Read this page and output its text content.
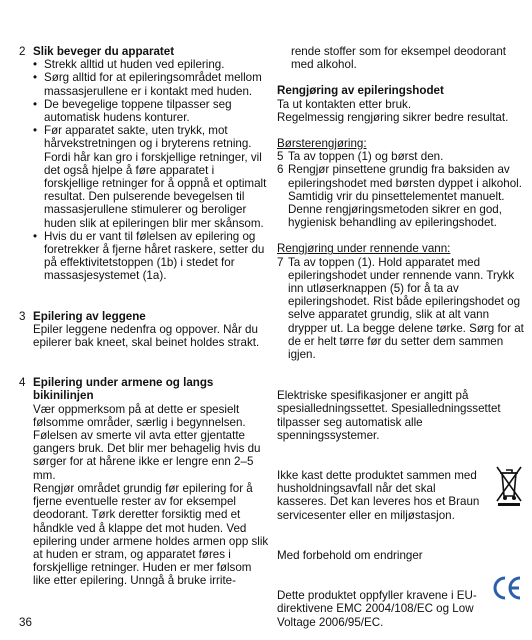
2 Slik beveger du apparatet
• Strekk alltid ut huden ved epilering.
• Sørg alltid for at epileringsområdet mellom massasjerullene er i kontakt med huden.
• De bevegelige toppene tilpasser seg automatisk hudens konturer.
• Før apparatet sakte, uten trykk, mot hårvekstretningen og i bryterens retning. Fordi hår kan gro i forskjellige retninger, vil det også hjelpe å føre apparatet i forskjellige retninger for å oppnå et optimalt resultat. Den pulserende bevegelsen til massasjerullene stimulerer og beroliger huden slik at epileringen blir mer skånsom.
• Hvis du er vant til følelsen av epilering og foretrekker å fjerne håret raskere, setter du på effektivitetstoppen (1b) i stedet for massasjesystemet (1a).
3 Epilering av leggene

Epiler leggene nedenfra og oppover. Når du epilerer bak kneet, skal beinet holdes strakt.

4 Epilering under armene og langs bikinilinjen

Vær oppmerksom på at dette er spesielt følsomme områder, særlig i begynnelsen. Følelsen av smerte vil avta etter gjentatte gangers bruk. Det blir mer behagelig hvis du sørger for at hårene ikke er lengre enn 2–5 mm.

Rengjør området grundig før epilering for å fjerne eventuelle rester av for eksempel deodorant. Tørk deretter forsiktig med et håndkle ved å klappe det mot huden. Ved epilering under armene holdes armen opp slik at huden er stram, og apparatet føres i forskjellige retninger. Huden er mer følsom like etter epilering. Unngå å bruke irrite-

rende stoffer som for eksempel deodorant med alkohol.

Rengjøring av epileringshodet

Ta ut kontakten etter bruk.

Regelmessig rengjøring sikrer bedre resultat.

Børsterengjøring:
5 Ta av toppen (1) og børst den.
6 Rengjør pinsettene grundig fra baksiden av epileringshodet med børsten dyppet i alkohol. Samtidig vrir du pinsettelementet manuelt. Denne rengjøringsmetoden sikrer en god, hygienisk behandling av epileringshodet.
Rengjøring under rennende vann:
7 Ta av toppen (1). Hold apparatet med epileringshodet under rennende vann. Trykk inn utløserknappen (5) for å ta av epileringshodet. Rist både epileringshodet og selve apparatet grundig, slik at alt vann drypper ut. La begge delene tørke. Sørg for at de er helt tørre før du setter dem sammen igjen.

Elektriske spesifikasjoner er angitt på spesialledningssettet. Spesialledningssettet tilpasser seg automatisk alle spenningssystemer.

Ikke kast dette produktet sammen med husholdningsavfall når det skal kasseres. Det kan leveres hos et Braun servicesenter eller en miljøstasjon.

Med forbehold om endringer

Dette produktet oppfyller kravene i EU-direktivene EMC 2004/108/EC og Low Voltage 2006/95/EC.

36
